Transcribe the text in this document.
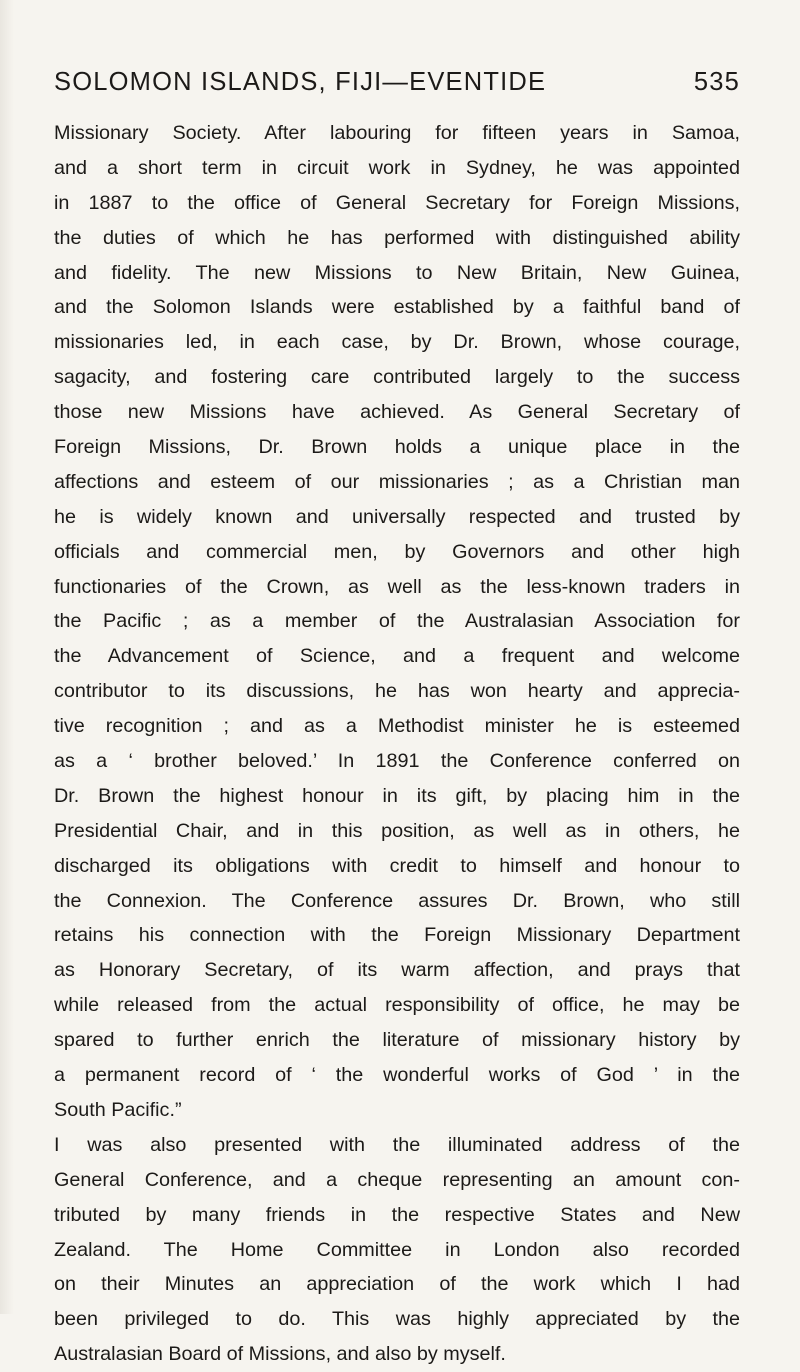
SOLOMON ISLANDS, FIJI—EVENTIDE	535
Missionary Society. After labouring for fifteen years in Samoa,
and a short term in circuit work in Sydney, he was appointed
in 1887 to the office of General Secretary for Foreign Missions,
the duties of which he has performed with distinguished ability
and fidelity. The new Missions to New Britain, New Guinea,
and the Solomon Islands were established by a faithful band of
missionaries led, in each case, by Dr. Brown, whose courage,
sagacity, and fostering care contributed largely to the success
those new Missions have achieved. As General Secretary of
Foreign Missions, Dr. Brown holds a unique place in the
affections and esteem of our missionaries ; as a Christian man
he is widely known and universally respected and trusted by
officials and commercial men, by Governors and other high
functionaries of the Crown, as well as the less-known traders in
the Pacific ; as a member of the Australasian Association for
the Advancement of Science, and a frequent and welcome
contributor to its discussions, he has won hearty and apprecia-
tive recognition ; and as a Methodist minister he is esteemed
as a ‘ brother beloved.’ In 1891 the Conference conferred on
Dr. Brown the highest honour in its gift, by placing him in the
Presidential Chair, and in this position, as well as in others, he
discharged its obligations with credit to himself and honour to
the Connexion. The Conference assures Dr. Brown, who still
retains his connection with the Foreign Missionary Department
as Honorary Secretary, of its warm affection, and prays that
while released from the actual responsibility of office, he may be
spared to further enrich the literature of missionary history by
a permanent record of ‘ the wonderful works of God ’ in the
South Pacific.”
I was also presented with the illuminated address of the
General Conference, and a cheque representing an amount con-
tributed by many friends in the respective States and New
Zealand. The Home Committee in London also recorded
on their Minutes an appreciation of the work which I had
been privileged to do. This was highly appreciated by the
Australasian Board of Missions, and also by myself.
